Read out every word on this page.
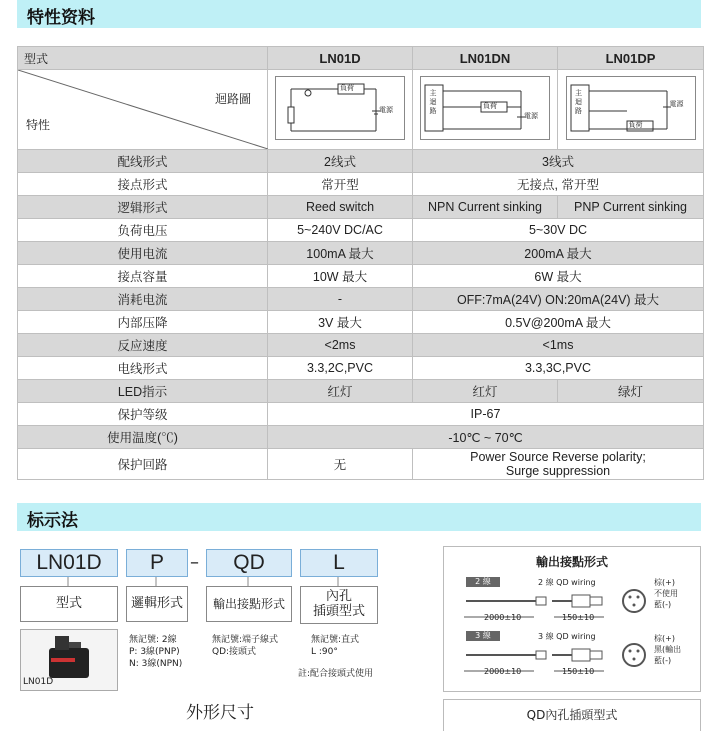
特性资料
型式	LN01D	LN01DN	LN01DP

迴路圖
特性	負荷
電源	主迴路
負荷
電源	主迴路
負荷
電源

配线形式	2线式	3线式	
接点形式	常开型	无接点, 常开型	
逻辑形式	Reed switch	NPN Current sinking	PNP Current sinking
负荷电压	5~240V DC/AC	5~30V DC	
使用电流	100mA 最大	200mA 最大	
接点容量	10W 最大	6W 最大	
消耗电流	-	OFF:7mA(24V) ON:20mA(24V) 最大	
内部压降	3V 最大	0.5V@200mA 最大	
反应速度	<2ms	<1ms	
电线形式	3.3,2C,PVC	3.3,3C,PVC	
LED指示	红灯	红灯	绿灯
保护等级	IP-67		
使用温度(℃)	-10℃ ~ 70℃		
保护回路	无	Power Source Reverse polarity;
Surge suppression	
标示法
LN01D	P	–	QD	L
型式	邏輯形式	輸出接點形式	內孔
插頭型式
LN01D
無記號: 2線
P: 3線(PNP)
N: 3線(NPN)
無記號:端子線式
QD:接頭式
無記號:直式
L :90°
註:配合接頭式使用
外形尺寸
輸出接點形式
2 線	2 線 QD wiring
2000±10	150±10
棕(+)
不使用
藍(-)
3 線	3 線 QD wiring
2000±10	150±10
棕(+)
黑(輸出
藍(-)
QD內孔插頭型式
